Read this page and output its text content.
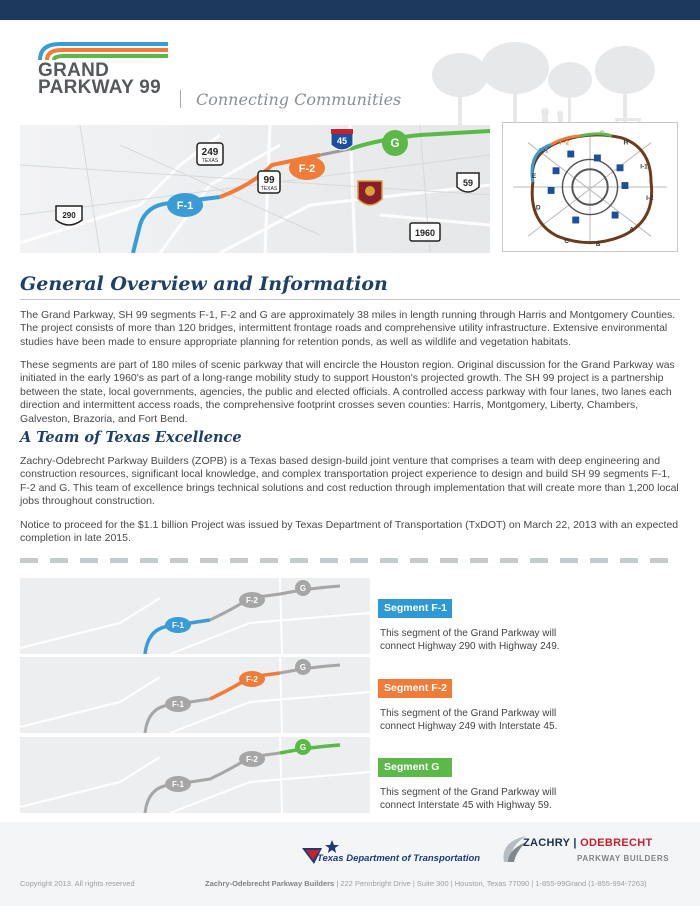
GRAND
PARKWAY 99
Connecting Communities
F-1
F-2
G
249
TEXAS
99
TEXAS
45
59
290
1960
G
F-2
F-1
H
I-1
I-2
E
D
C	B
A
General Overview and Information

The Grand Parkway, SH 99 segments F-1, F-2 and G are approximately 38 miles in length running through Harris and Montgomery Counties. The project consists of more than 120 bridges, intermittent frontage roads and comprehensive utility infrastructure. Extensive environmental studies have been made to ensure appropriate planning for retention ponds, as well as wildlife and vegetation habitats.

These segments are part of 180 miles of scenic parkway that will encircle the Houston region. Original discussion for the Grand Parkway was initiated in the early 1960's as part of a long-range mobility study to support Houston's projected growth. The SH 99 project is a partnership between the state, local governments, agencies, the public and elected officials. A controlled access parkway with four lanes, two lanes each direction and intermittent access roads, the comprehensive footprint crosses seven counties: Harris, Montgomery, Liberty, Chambers, Galveston, Brazoria, and Fort Bend.

A Team of Texas Excellence

Zachry-Odebrecht Parkway Builders (ZOPB) is a Texas based design-build joint venture that comprises a team with deep engineering and construction resources, significant local knowledge, and complex transportation project experience to design and build SH 99 segments F-1, F-2 and G. This team of excellence brings technical solutions and cost reduction through implementation that will create more than 1,200 local jobs throughout construction.

Notice to proceed for the $1.1 billion Project was issued by Texas Department of Transportation (TxDOT) on March 22, 2013 with an expected completion in late 2015.

F-1
F-2
G
Segment F-1

This segment of the Grand Parkway will connect Highway 290 with Highway 249.

F-1
F-2
G
Segment F-2

This segment of the Grand Parkway will connect Highway 249 with Interstate 45.

F-1
F-2
G
Segment G

This segment of the Grand Parkway will connect Interstate 45 with Highway 59.

Texas Department of Transportation
ZACHRY | ODEBRECHT
PARKWAY BUILDERS
Copyright 2013. All rights reserved	Zachry-Odebrecht Parkway Builders | 222 Pennbright Drive | Suite 300 | Houston, Texas 77090 | 1-855-99Grand (1-855-994-7263)
